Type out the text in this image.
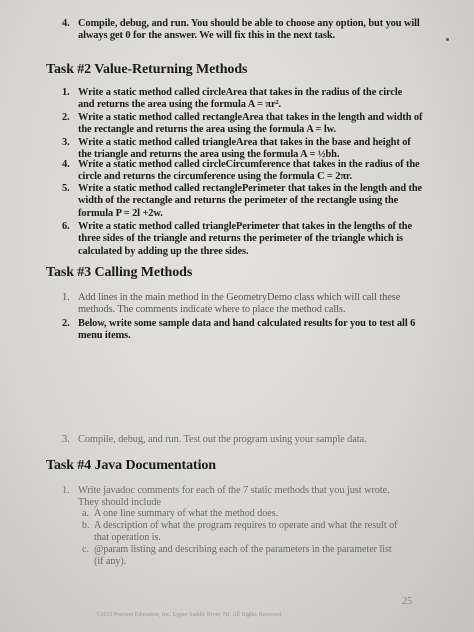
4. Compile, debug, and run. You should be able to choose any option, but you will always get 0 for the answer. We will fix this in the next task.
Task #2 Value-Returning Methods
1. Write a static method called circleArea that takes in the radius of the circle and returns the area using the formula A = πr².
2. Write a static method called rectangleArea that takes in the length and width of the rectangle and returns the area using the formula A = lw.
3. Write a static method called triangleArea that takes in the base and height of the triangle and returns the area using the formula A = ½bh.
4. Write a static method called circleCircumference that takes in the radius of the circle and returns the circumference using the formula C = 2πr.
5. Write a static method called rectanglePerimeter that takes in the length and the width of the rectangle and returns the perimeter of the rectangle using the formula P = 2l +2w.
6. Write a static method called trianglePerimeter that takes in the lengths of the three sides of the triangle and returns the perimeter of the triangle which is calculated by adding up the three sides.
Task #3 Calling Methods
1. Add lines in the main method in the GeometryDemo class which will call these methods. The comments indicate where to place the method calls.
2. Below, write some sample data and hand calculated results for you to test all 6 menu items.
3. Compile, debug, and run. Test out the program using your sample data.
Task #4 Java Documentation
1. Write javadoc comments for each of the 7 static methods that you just wrote. They should include
a. A one line summary of what the method does.
b. A description of what the program requires to operate and what the result of that operation is.
c. @param listing and describing each of the parameters in the parameter list (if any).
25
©2013 Pearson Education, Inc. Upper Saddle River, NJ. All Rights Reserved.
